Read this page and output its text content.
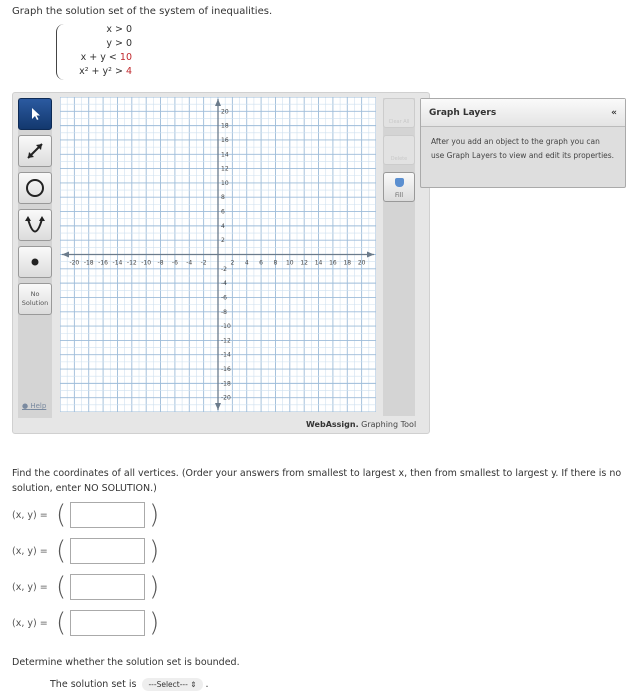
Graph the solution set of the system of inequalities.
x > 0
y > 0
x + y < 10
x² + y² > 4
No Solution
● Help
-20 -18 -16 -14 -12 -10 -8 -6 -4 -2	2 4 6 8 10 12 14 16 18 20
20
18
16
14
12
10
8
6
4
2
-2
-4
-6
-8
-10
-12
-14
-16
-18
-20
Clear All
Delete
Fill
Graph Layers	«
After you add an object to the graph you can use Graph Layers to view and edit its properties.
WebAssign. Graphing Tool
Find the coordinates of all vertices. (Order your answers from smallest to largest x, then from smallest to largest y. If there is no solution, enter NO SOLUTION.)
(x, y) = (	)
(x, y) = (	)
(x, y) = (	)
(x, y) = (	)
Determine whether the solution set is bounded.
The solution set is	---Select--- ⇕ .
